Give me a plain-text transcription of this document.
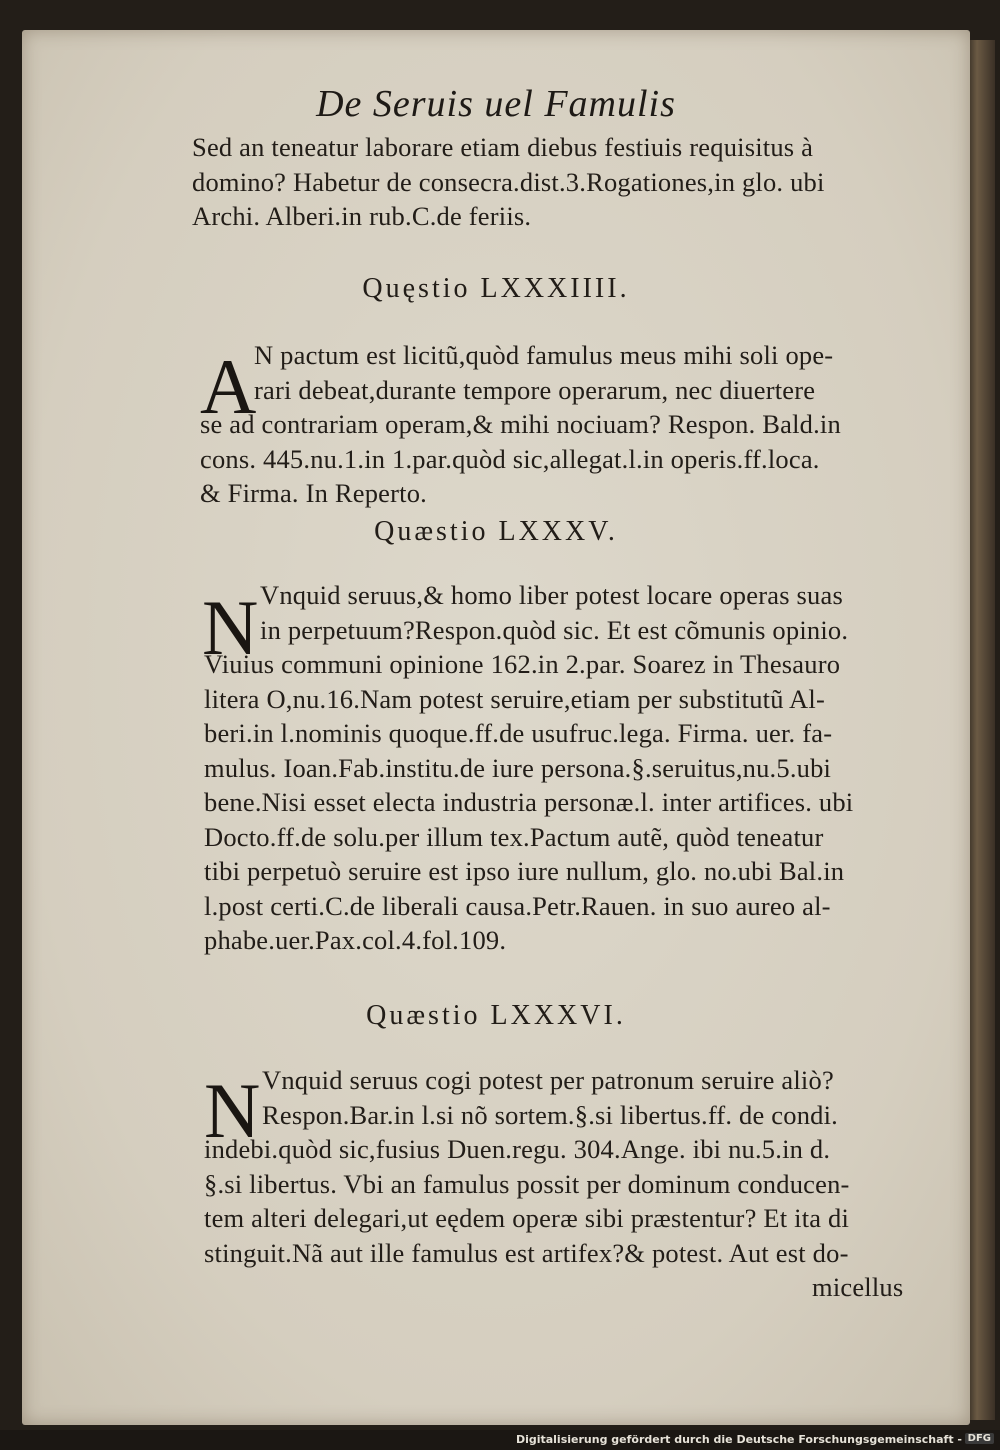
De Seruis uel Famulis
Sed an teneatur laborare etiam diebus festiuis requisitus à
domino? Habetur de consecra.dist.3.Rogationes,in glo. ubi
Archi. Alberi.in rub.C.de feriis.
Quęstio LXXXIIII.
A
N pactum est licitũ,quòd famulus meus mihi soli ope-
rari debeat,durante tempore operarum, nec diuertere
se ad contrariam operam,& mihi nociuam? Respon. Bald.in
cons. 445.nu.1.in 1.par.quòd sic,allegat.l.in operis.ff.loca.
& Firma. In Reperto.
Quæstio LXXXV.
N Vnquid seruus,& homo liber potest locare operas suas
in perpetuum?Respon.quòd sic. Et est cõmunis opinio.
Viuius communi opinione 162.in 2.par. Soarez in Thesauro
litera O,nu.16.Nam potest seruire,etiam per substitutũ Al-
beri.in l.nominis quoque.ff.de usufruc.lega. Firma. uer. fa-
mulus. Ioan.Fab.institu.de iure persona.§.seruitus,nu.5.ubi
bene.Nisi esset electa industria personæ.l. inter artifices. ubi
Docto.ff.de solu.per illum tex.Pactum autẽ, quòd teneatur
tibi perpetuò seruire est ipso iure nullum, glo. no.ubi Bal.in
l.post certi.C.de liberali causa.Petr.Rauen. in suo aureo al-
phabe.uer.Pax.col.4.fol.109.
Quæstio LXXXVI.
N Vnquid seruus cogi potest per patronum seruire aliò?
Respon.Bar.in l.si nõ sortem.§.si libertus.ff. de condi.
indebi.quòd sic,fusius Duen.regu. 304.Ange. ibi nu.5.in d.
§.si libertus. Vbi an famulus possit per dominum conducen-
tem alteri delegari,ut eędem operæ sibi præstentur? Et ita di
stinguit.Nã aut ille famulus est artifex?& potest. Aut est do-
micellus
Digitalisierung gefördert durch die Deutsche Forschungsgemeinschaft - DFG
